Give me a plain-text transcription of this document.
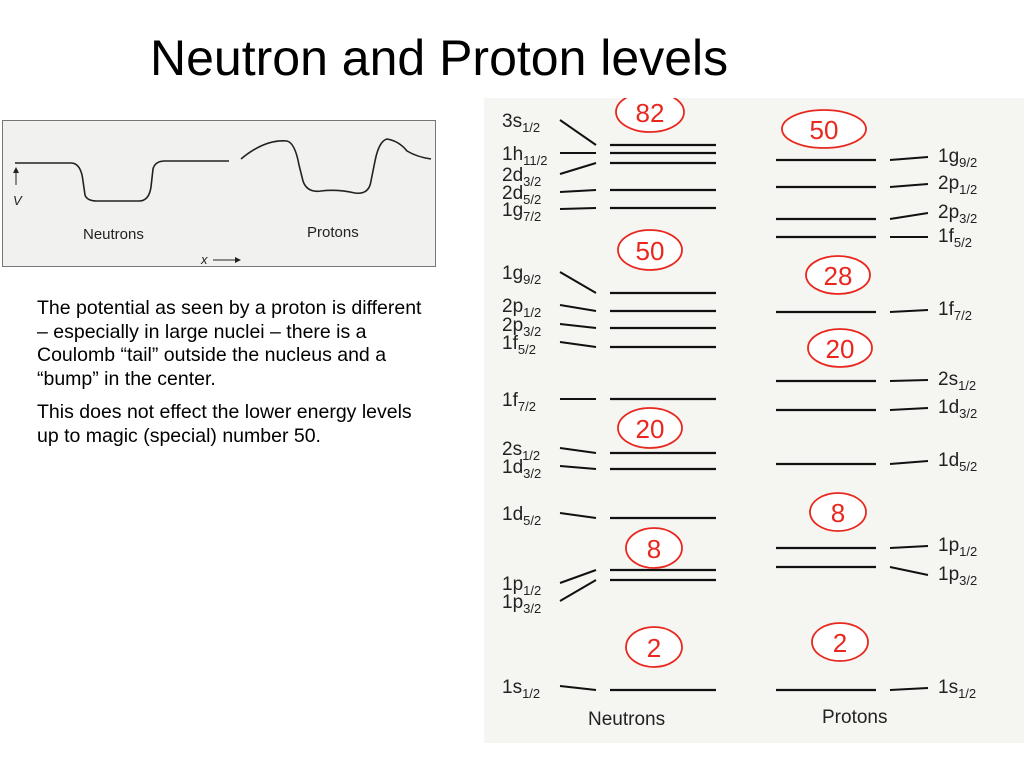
Neutron and Proton levels
V
Neutrons	Protons
x

The potential as seen by a proton is different – especially in large nuclei – there is a Coulomb “tail” outside the nucleus and a “bump” in the center.

This does not effect the lower energy levels up to magic (special) number 50.

$1s_{1/2}$
$1p_{3/2}$
$1p_{1/2}$
$1d_{5/2}$
$1d_{3/2}$
$2s_{1/2}$
$1f_{7/2}$
$1f_{5/2}$
$2p_{3/2}$
$2p_{1/2}$
$1g_{9/2}$
$1g_{7/2}$
$2d_{5/2}$
$2d_{3/2}$
$1h_{11/2}$
$3s_{1/2}$
$1s_{1/2}$
$1p_{3/2}$
$1p_{1/2}$
$1d_{5/2}$
$1d_{3/2}$
$2s_{1/2}$
$1f_{7/2}$
$1f_{5/2}$
$2p_{3/2}$
$2p_{1/2}$
$1g_{9/2}$
2
8
20
50
82
2
8
20
28
50
Neutrons	Protons
